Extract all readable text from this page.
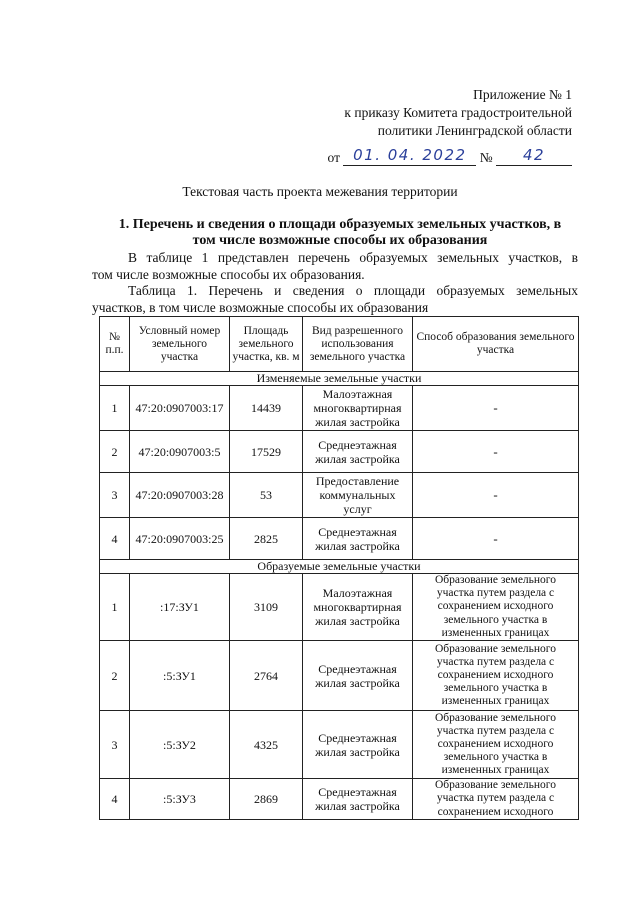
Приложение № 1
к приказу Комитета градостроительной
политики Ленинградской области
от 01. 04. 2022 № 42
Текстовая часть проекта межевания территории
1. Перечень и сведения о площади образуемых земельных участков, в
том числе возможные способы их образования
В таблице 1 представлен перечень образуемых земельных участков, в
том числе возможные способы их образования.
Таблица 1. Перечень и сведения о площади образуемых земельных
участков, в том числе возможные способы их образования
№ п.п.	Условный номер земельного участка	Площадь земельного участка, кв. м	Вид разрешенного использования земельного участка	Способ образования земельного участка
Изменяемые земельные участки				
1	47:20:0907003:17	14439	Малоэтажная многоквартирная жилая застройка	-
2	47:20:0907003:5	17529	Среднеэтажная жилая застройка	-
3	47:20:0907003:28	53	Предоставление коммунальных услуг	-
4	47:20:0907003:25	2825	Среднеэтажная жилая застройка	-
Образуемые земельные участки				
1	:17:ЗУ1	3109	Малоэтажная многоквартирная жилая застройка	Образование земельного участка путем раздела с сохранением исходного земельного участка в измененных границах
2	:5:ЗУ1	2764	Среднеэтажная жилая застройка	Образование земельного участка путем раздела с сохранением исходного земельного участка в измененных границах
3	:5:ЗУ2	4325	Среднеэтажная жилая застройка	Образование земельного участка путем раздела с сохранением исходного земельного участка в измененных границах
4	:5:ЗУ3	2869	Среднеэтажная жилая застройка	Образование земельного участка путем раздела с сохранением исходного
